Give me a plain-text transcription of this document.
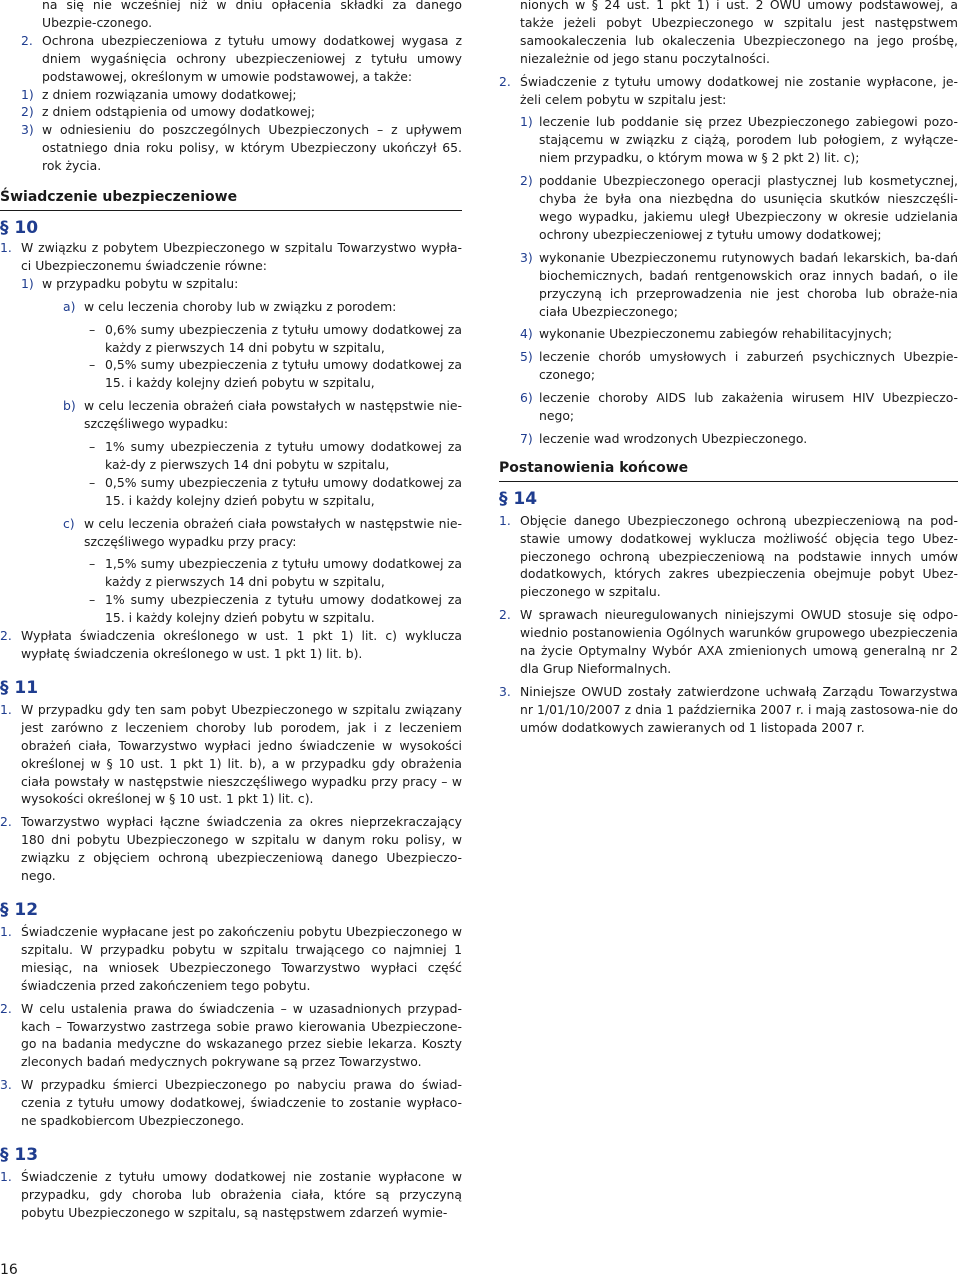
na się nie wcześniej niż w dniu opłacenia składki za danego Ubezpie-czonego.

2. Ochrona ubezpieczeniowa z tytułu umowy dodatkowej wygasa z dniem wygaśnięcia ochrony ubezpieczeniowej z tytułu umowy podstawowej, określonym w umowie podstawowej, a także:
1) z dniem rozwiązania umowy dodatkowej;
2) z dniem odstąpienia od umowy dodatkowej;
3) w odniesieniu do poszczególnych Ubezpieczonych – z upływem ostatniego dnia roku polisy, w którym Ubezpieczony ukończył 65. rok życia.

Świadczenie ubezpieczeniowe

§ 10

1. W związku z pobytem Ubezpieczonego w szpitalu Towarzystwo wypła-ci Ubezpieczonemu świadczenie równe:
1) w przypadku pobytu w szpitalu:
a) w celu leczenia choroby lub w związku z porodem:
– 0,6% sumy ubezpieczenia z tytułu umowy dodatkowej za każdy z pierwszych 14 dni pobytu w szpitalu,
– 0,5% sumy ubezpieczenia z tytułu umowy dodatkowej za 15. i każdy kolejny dzień pobytu w szpitalu,
b) w celu leczenia obrażeń ciała powstałych w następstwie nie-szczęśliwego wypadku:
– 1% sumy ubezpieczenia z tytułu umowy dodatkowej za każ-dy z pierwszych 14 dni pobytu w szpitalu,
– 0,5% sumy ubezpieczenia z tytułu umowy dodatkowej za 15. i każdy kolejny dzień pobytu w szpitalu,
c) w celu leczenia obrażeń ciała powstałych w następstwie nie-szczęśliwego wypadku przy pracy:
– 1,5% sumy ubezpieczenia z tytułu umowy dodatkowej za każdy z pierwszych 14 dni pobytu w szpitalu,
– 1% sumy ubezpieczenia z tytułu umowy dodatkowej za 15. i każdy kolejny dzień pobytu w szpitalu.
2. Wypłata świadczenia określonego w ust. 1 pkt 1) lit. c) wyklucza wypłatę świadczenia określonego w ust. 1 pkt 1) lit. b).

§ 11

1. W przypadku gdy ten sam pobyt Ubezpieczonego w szpitalu związany jest zarówno z leczeniem choroby lub porodem, jak i z leczeniem obrażeń ciała, Towarzystwo wypłaci jedno świadczenie w wysokości określonej w § 10 ust. 1 pkt 1) lit. b), a w przypadku gdy obrażenia ciała powstały w następstwie nieszczęśliwego wypadku przy pracy – w wysokości określonej w § 10 ust. 1 pkt 1) lit. c).
2. Towarzystwo wypłaci łączne świadczenia za okres nieprzekraczający 180 dni pobytu Ubezpieczonego w szpitalu w danym roku polisy, w związku z objęciem ochroną ubezpieczeniową danego Ubezpieczo-nego.

§ 12

1. Świadczenie wypłacane jest po zakończeniu pobytu Ubezpieczonego w szpitalu. W przypadku pobytu w szpitalu trwającego co najmniej 1 miesiąc, na wniosek Ubezpieczonego Towarzystwo wypłaci część świadczenia przed zakończeniem tego pobytu.
2. W celu ustalenia prawa do świadczenia – w uzasadnionych przypad-kach – Towarzystwo zastrzega sobie prawo kierowania Ubezpieczone-go na badania medyczne do wskazanego przez siebie lekarza. Koszty zleconych badań medycznych pokrywane są przez Towarzystwo.
3. W przypadku śmierci Ubezpieczonego po nabyciu prawa do świad-czenia z tytułu umowy dodatkowej, świadczenie to zostanie wypłaco-ne spadkobiercom Ubezpieczonego.

§ 13

1. Świadczenie z tytułu umowy dodatkowej nie zostanie wypłacone w przypadku, gdy choroba lub obrażenia ciała, które są przyczyną pobytu Ubezpieczonego w szpitalu, są następstwem zdarzeń wymie-

nionych w § 24 ust. 1 pkt 1) i ust. 2 OWU umowy podstawowej, a także jeżeli pobyt Ubezpieczonego w szpitalu jest następstwem samookaleczenia lub okaleczenia Ubezpieczonego na jego prośbę, niezależnie od jego stanu poczytalności.

2. Świadczenie z tytułu umowy dodatkowej nie zostanie wypłacone, je-żeli celem pobytu w szpitalu jest:
1) leczenie lub poddanie się przez Ubezpieczonego zabiegowi pozo-stającemu w związku z ciążą, porodem lub połogiem, z wyłącze-niem przypadku, o którym mowa w § 2 pkt 2) lit. c);
2) poddanie Ubezpieczonego operacji plastycznej lub kosmetycznej, chyba że była ona niezbędna do usunięcia skutków nieszczęśli-wego wypadku, jakiemu uległ Ubezpieczony w okresie udzielania ochrony ubezpieczeniowej z tytułu umowy dodatkowej;
3) wykonanie Ubezpieczonemu rutynowych badań lekarskich, ba-dań biochemicznych, badań rentgenowskich oraz innych badań, o ile przyczyną ich przeprowadzenia nie jest choroba lub obraże-nia ciała Ubezpieczonego;
4) wykonanie Ubezpieczonemu zabiegów rehabilitacyjnych;
5) leczenie chorób umysłowych i zaburzeń psychicznych Ubezpie-czonego;
6) leczenie choroby AIDS lub zakażenia wirusem HIV Ubezpieczo-nego;
7) leczenie wad wrodzonych Ubezpieczonego.

Postanowienia końcowe

§ 14

1. Objęcie danego Ubezpieczonego ochroną ubezpieczeniową na pod-stawie umowy dodatkowej wyklucza możliwość objęcia tego Ubez-pieczonego ochroną ubezpieczeniową na podstawie innych umów dodatkowych, których zakres ubezpieczenia obejmuje pobyt Ubez-pieczonego w szpitalu.
2. W sprawach nieuregulowanych niniejszymi OWUD stosuje się odpo-wiednio postanowienia Ogólnych warunków grupowego ubezpieczenia na życie Optymalny Wybór AXA zmienionych umową generalną nr 2 dla Grup Nieformalnych.
3. Niniejsze OWUD zostały zatwierdzone uchwałą Zarządu Towarzystwa nr 1/01/10/2007 z dnia 1 października 2007 r. i mają zastosowa-nie do umów dodatkowych zawieranych od 1 listopada 2007 r.
16
